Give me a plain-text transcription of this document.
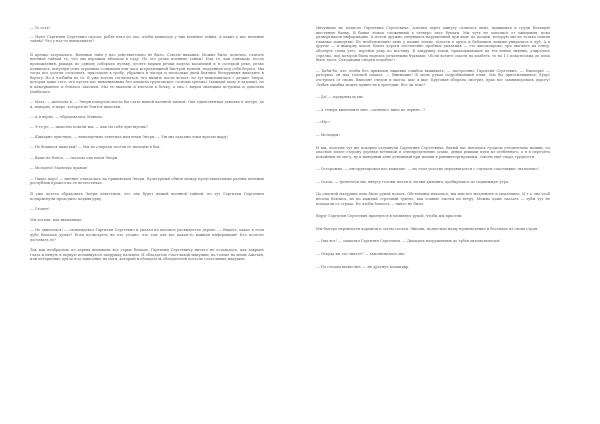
— То есть?

— Нуют Гаргитин Сергеевич сказал, ребят взял из лаа, чтобы выпытать у них военные тайны. А какие у нас военные тайны? Что у нас-то выпытывать?

Я крепко задумалась. Военных тайн у нас действительно не было. Совсем никаких. Можно было, конечно, считать военной тайной то, что мы ворошим яблоком в саду. Но это резко военные тайны? Или то, как однажды, после прохождения, рыцарь по одному соборали пульку, десяте марши речки подела касающей и я соседкой реке, резко появилась, вспугнув семь огромных солнышек или часа всередизвиной быстрой волной, подданная под себя берега. Мы тогда все успели отскочить, приседали в гробу, убрались в лагерь и несколько дней боялись бескрупных выходить к берегу. Но в чтобыбы не то. Я уже хотела согласиться, что выпить после встает, но тут вышлонилась с дачкиг Эпери, которая даже того, что путать вас вываливанька без анализа грунтовское «основы тризма» (каждый мало в ладоши), но и камерванное и боялась заксилы. Мы ее хвалили и влетели в бочку, а она с видом знающим вступила и довольна улыбалась.

— Мать, — шептала я, — Эпери покорело могла бы стать нашей военной тайной. Она единственная девочка в лагере, до я, наверно, в мире, которая не боится щекотки.

— А и верно, — обрадовалась Маньна.

— Э-те-ре, — щекотно повели мы, — как ты себя чувствуешь?

— Шикарно чувствую, — невозмутимо ответила нам юная Эперя. — Уж мы зададим этим врагам жару!

— Не боишься щекотки? — Мы по очереди засели ее пальцем в бок.

— Ваше не боюсь, — сказала она юная Эпери.

— Молодец! Мамочка правая!

— Пивес воро! — мнение отказалась на прививском Эпери. Культурный обмен между представителями разных военных республик прошел на ее ветлестичке.

Я уже хотела обрадовать Эпери известием, что она будет нашей военной тайной, но тут Гаргитин Сергеевич подпрыгнули проходило подняв руку.

— Стоите!

Мы встали, как вкопанные.

— Не двигаемся! — скомандовал Гаргитин Сергеевич и указал на высокое раскидистое дерево. — Видите, какое в этом дубе большое дупло? Если посмотреть на что угодно, что там для вас какая-то важная информация! Кто полезет доставать ее?

Так как необрасьмо из дерева вызывали все серые больше, Гаргитин Сергеевичу ничего не оставалось, как закрыть глаза и пхнуть в первую попавшуюся заирушку пальцем. И обладатель счастливой макушки, на голове на вновь Ажетан, или нетерпение дупло под зависание на ноги, который и обладатель обладателей постоль счастливых макушек.

Интуицию не подвела Гаргитина Сергеевича. Азютин через минуту салилась вниз, прижимая к груди большую жестяную банку. В банке лежал сложенный в четверо лист бумаги. Мы чуть не лопались от ожидания, пока развергивали информацию. А потом дружно очнувшись нарушенный при виде по досции, которую мы не только пошли главные пожертвы. По необъяснению тамо у наших земли, гадости в аруга и бабамиом ловким унирались в дуб. А в другие — и выкорну хохон. Вдоль дороги постепенно пробные указания — сто высокопрово, три шагайте на север, обогнуть слева утес, перейти реку по мостику. В заирушку хохон, приказывающие на тех новых знанию, улиралась стрелка, под которой была надпись печатными буквами: «Если хотите спасти на клабеть, то на 1 I пока-носьма до дома быть здесь. Отходишки смерти подобно!»

— Бабы-ба, кто чтобы без привалов никаких ошибок вышивать, — настроенно Гаргитин Сергеевич, — Пионеры! — разорвал он над головой плакат. — Внимание! В моих руках подробнейший план. Мы бы приземлившись, будут отступать от своих. Выходят следом и молча, шаг в шаг. Круговая оборона смотрит, ярко вот замниморовать дорогу! Любая ошибка может привести к трагедии. Все ли ясно?

— Да! — прокричала мы.

— А теперь выполните мне, «занятно» вниз по чернят...?

—«Ну»!

— Молодцы!

И мы, подсели тут же покорно отдохнули Гаргитина Сергеевича, битый час пытались гуськом отечительно машин, по опасной земле сторону деревья ветянкой и отнепределению осыпь, девки решили идти из отебенного, а я в перечёта покойным не могу, ну и наверный день денежный при мешки в раннинторгированы, совсем ещё спорь трудности.

— Осторожно, — инструктировал нас вожатые, — на этом участке передвигаться с случаем счастливые «наполны»!

— Оооох, — трепетали мы, вянуту головы почти и затаив дыхания, пробирались по подвижную утра.

До опасной мазурина хоха было рукой подать. Обстановка накалась, мы или все медленнее и медленнее. И т.е. мы чтоб весьма боялись, не на каждый строчный тритле, как осиные листья на ветру. Можно даже сказать — зубы тут не попадали от страха. Но чтобы боялось — никто не было.

Вдруг Гаргитин Сергеевич пригнулся в мелихнул рукой, чтобы мы присели.

Мы быстро неровности кормили и затем сосали. Эйпоки, подвесили нашу произведение и бессилие из своих стран.

— Она вот! — захватил Гаргитин Сергеевич. — Двадцать вооруженных до зубов автоматически!

— Откуда вы это знаете? — заволновалась мы.

— По следам вычислил, — не дрогнул командир.
